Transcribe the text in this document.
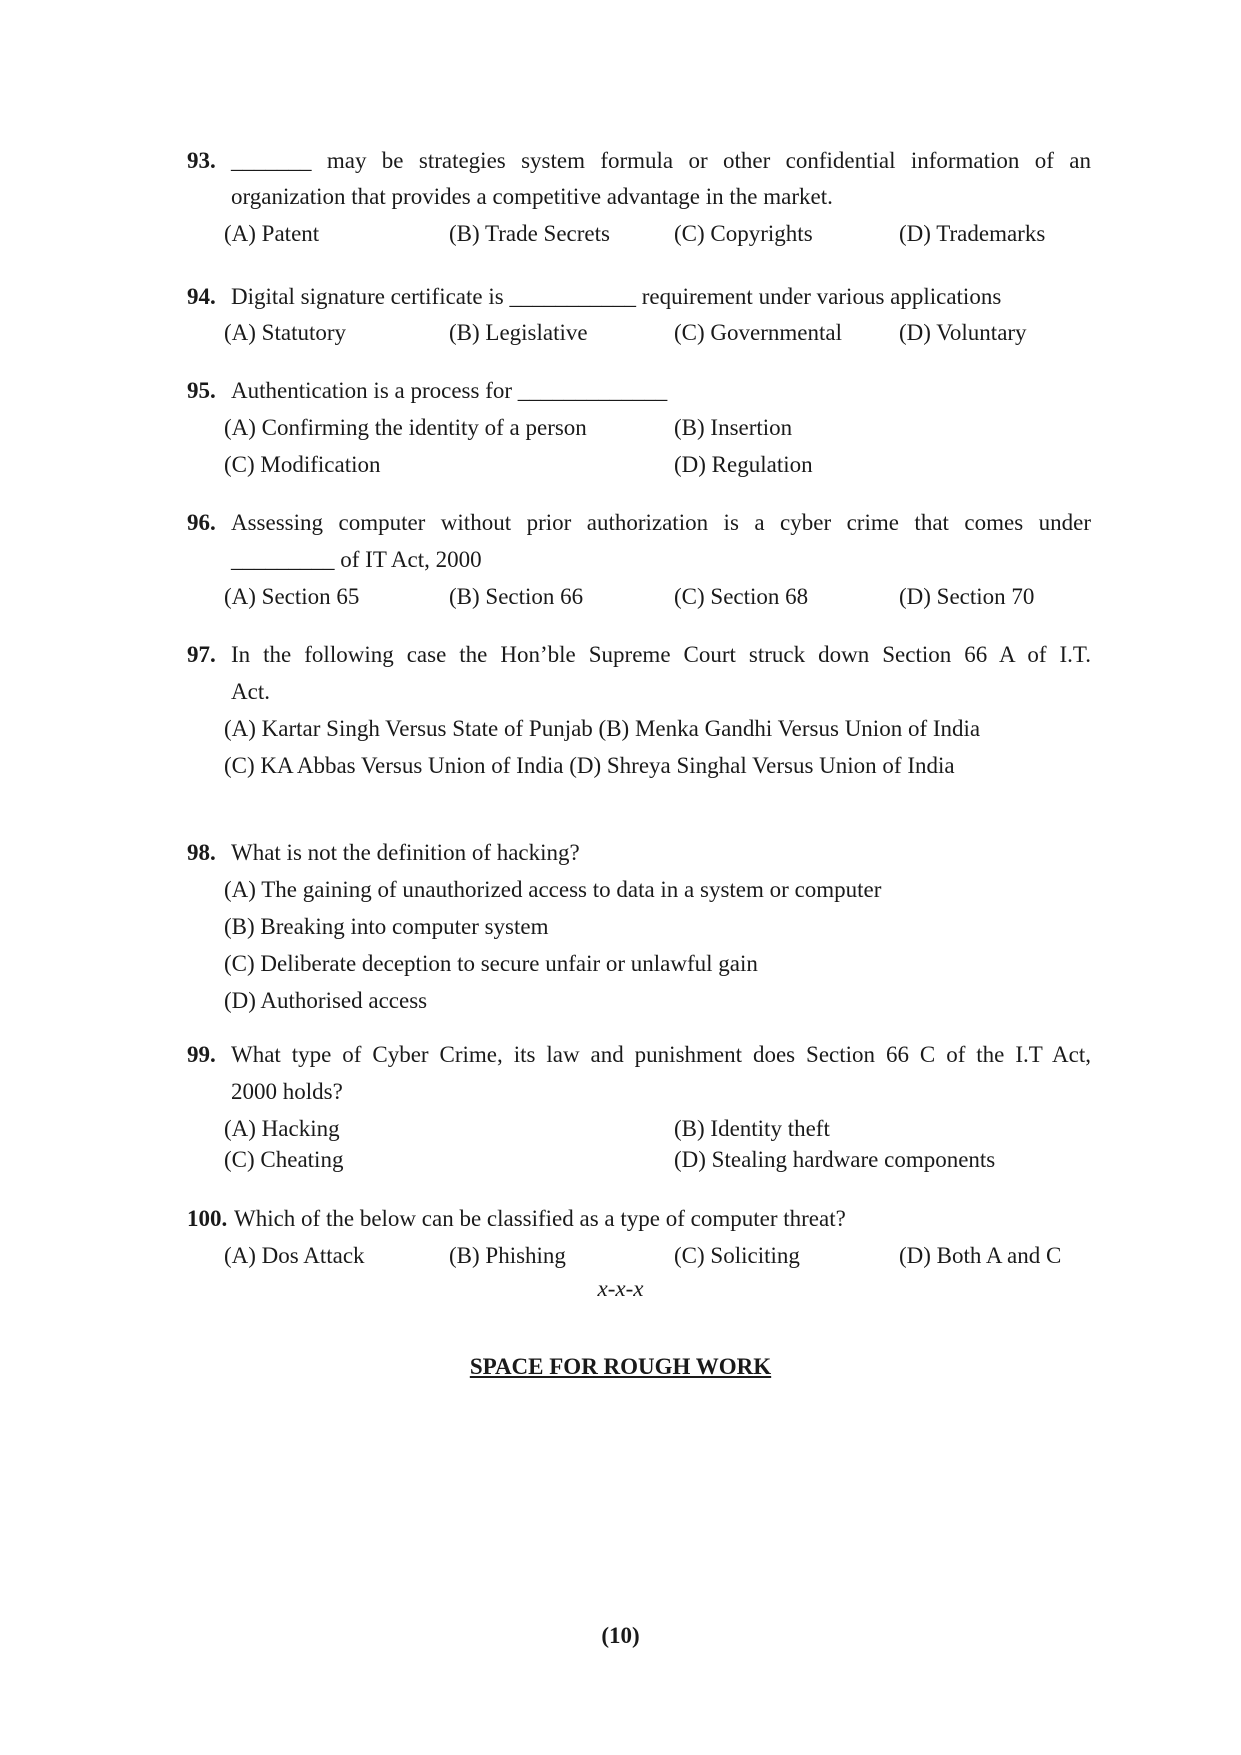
93. _______ may be strategies system formula or other confidential information of an
organization that provides a competitive advantage in the market.
(A) Patent	(B) Trade Secrets	(C) Copyrights	(D) Trademarks
94. Digital signature certificate is ___________ requirement under various applications
(A) Statutory	(B) Legislative	(C) Governmental (D) Voluntary
95. Authentication is a process for _____________
(A) Confirming the identity of a person	(B) Insertion
(C) Modification	(D) Regulation
96. Assessing computer without prior authorization is a cyber crime that comes under
_________ of IT Act, 2000
(A) Section 65	(B) Section 66	(C) Section 68	(D) Section 70
97. In the following case the Hon’ble Supreme Court struck down Section 66 A of I.T.
Act.
(A) Kartar Singh Versus State of Punjab (B) Menka Gandhi Versus Union of India
(C) KA Abbas Versus Union of India (D) Shreya Singhal Versus Union of India
98. What is not the definition of hacking?
(A) The gaining of unauthorized access to data in a system or computer
(B) Breaking into computer system
(C) Deliberate deception to secure unfair or unlawful gain
(D) Authorised access
99. What type of Cyber Crime, its law and punishment does Section 66 C of the I.T Act,
2000 holds?
(A) Hacking	(B) Identity theft
(C) Cheating	(D) Stealing hardware components
100. Which of the below can be classified as a type of computer threat?
(A) Dos Attack	(B) Phishing	(C) Soliciting	(D) Both A and C
x-x-x
SPACE FOR ROUGH WORK
(10)
